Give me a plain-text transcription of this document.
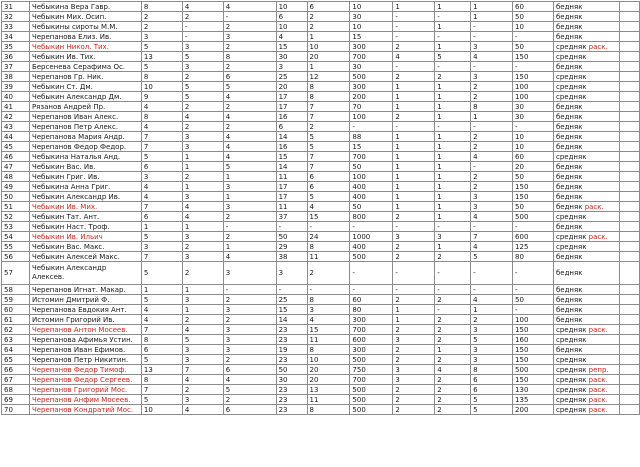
31	Чебыкина Вера Гавр.	8	4	4	10	6	10	1	1	1	60	бедняк	
32	Чебыкин Мих. Осип.	2	2	-	6	2	30	-	-	1	50	бедняк	
33	Чебыкины сироты М.М.	2	-	2	10	2	10	-	1	-	10	бедняк	
34	Черепанова Елиз. Ив.	3	-	3	4	1	15	-	-	-	-	бедняк	
35	Чебыкин Никол. Тих.	5	3	2	15	10	300	2	1	3	50	средняк раск.	
36	Чебыкин Ив. Тих.	13	5	8	30	20	700	4	5	4	150	средняк	
37	Берсенева Серафима Ос.	5	3	2	3	1	30	-	-	-	-	бедняк	
38	Черепанов Гр. Ник.	8	2	6	25	12	500	2	2	3	150	средняк	
39	Чебыкин Ст. Дм.	10	5	5	20	8	300	1	1	2	100	средняк	
40	Чебыкин Александр Дм.	9	5	4	17	8	200	1	1	2	100	средняк	
41	Рязанов Андрей Пр.	4	2	2	17	7	70	1	1	8	30	бедняк	
42	Черепанов Иван Алекс.	8	4	4	16	7	100	2	1	1	30	бедняк	
43	Черепанов Петр Алекс.	4	2	2	6	2	-	-	-	-	-	бедняк	
44	Черепанова Мария Андр.	7	3	4	14	5	88	1	1	2	10	бедняк	
45	Черепанов Федор Федор.	7	3	4	16	5	15	1	1	2	10	бедняк	
46	Чебыкина Наталья Анд.	5	1	4	15	7	700	1	1	4	60	средняк	
47	Чебыкин Вас. Ив.	6	1	5	14	7	50	1	1	-	20	бедняк	
48	Чебыкин Григ. Ив.	3	2	1	11	6	100	1	1	2	50	бедняк	
49	Чебыкина Анна Григ.	4	1	3	17	6	400	1	1	2	150	бедняк	
50	Чебыкин Александр Ив.	4	3	1	17	5	400	1	1	3	150	бедняк	
51	Чебыкин Ив. Мих.	7	4	3	11	4	50	1	1	3	50	бедняк раск.	
52	Чебыкин Тат. Ант.	6	4	2	37	15	800	2	1	4	500	средняк	
53	Чебыкин Наст. Троф.	1	1	-	-	-	-	-	-	-	-	бедняк	
54	Чебыкин Ив. Ильич	5	3	2	50	24	1000	3	3	7	600	средняк раск.	
55	Чебыкин Вас. Макс.	3	2	1	29	8	400	2	1	4	125	средняк	
56	Чебыкин Алексей Макс.	7	3	4	38	11	500	2	2	5	80	бедняк	
57	Чебыкин Александр Алексев.	5	2	3	3	2	-	-	-	-	-	бедняк	
58	Черепанов Игнат. Макар.	1	1	-	-	-	-	-	-	-	-	бедняк	
59	Истомин Дмитрий Ф.	5	3	2	25	8	60	2	2	4	50	бедняк	
60	Черепанова Евдокия Ант.	4	1	3	15	3	80	1	-	1	-	бедняк	
61	Истомин Григорий Ив.	4	2	2	14	4	300	1	2	2	100	бедняк	
62	Черепанов Антон Мосеев.	7	4	3	23	15	700	2	2	3	150	средняк раск.	
63	Черепанова Афимья Устин.	8	5	3	23	11	600	3	2	5	160	средняк	
64	Черепанов Иван Ефимов.	6	3	3	19	8	300	2	1	3	150	бедняк	
65	Черепанов Петр Никитин.	5	3	2	23	10	500	2	2	3	150	средняк	
66	Черепанов Федор Тимоф.	13	7	6	50	20	750	3	4	8	500	средняк репр.	
67	Черепанов Федор Сергеев.	8	4	4	30	20	700	3	2	6	150	средняк раск.	
68	Черепанов Григорий Мос.	7	2	5	23	13	500	2	2	6	130	средняк раск.	
69	Черепанов Анфим Мосеев.	5	3	2	23	11	500	2	2	5	135	средняк раск.	
70	Черепанов Кондратий Мос.	10	4	6	23	8	500	2	2	5	200	средняк раск.	
